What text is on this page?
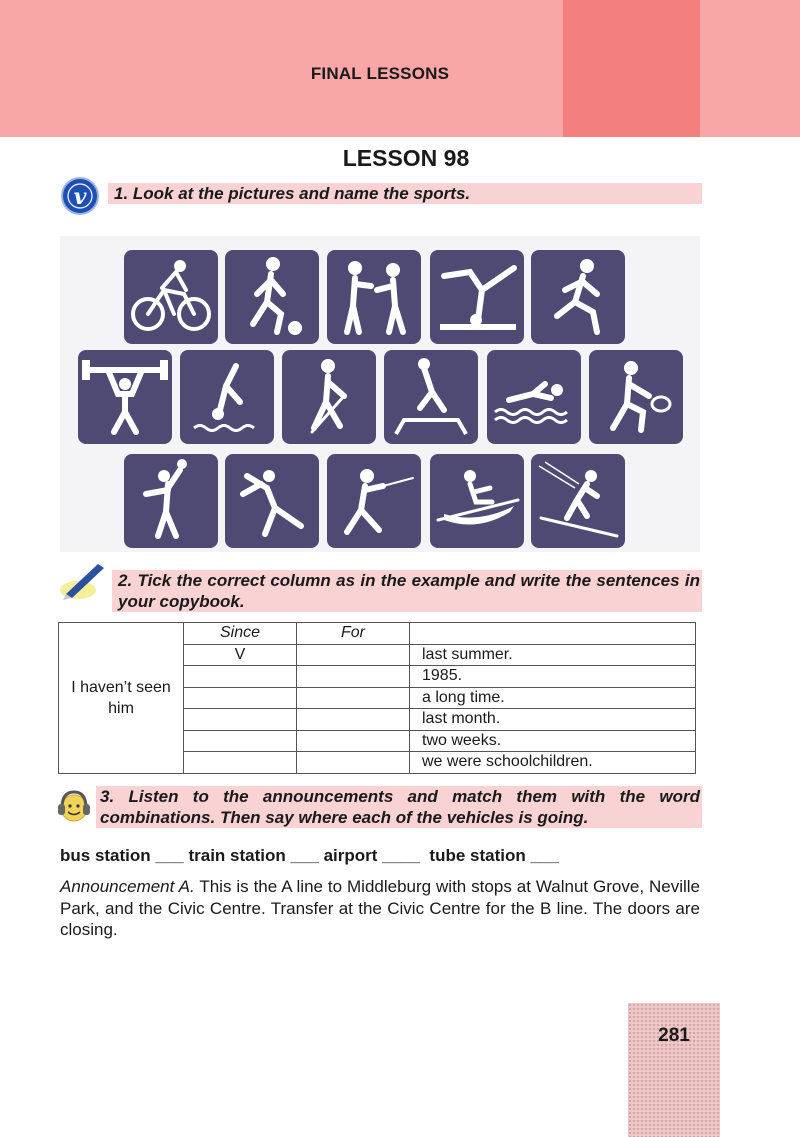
FINAL LESSONS
LESSON 98
v 1. Look at the pictures and name the sports.
2. Tick the correct column as in the example and write the sentences in your copybook.
I haven’t seen him	Since	For	
	V		last summer.
			1985.
			a long time.
			last month.
			two weeks.
			we were schoolchildren.
3. Listen to the announcements and match them with the word combinations. Then say where each of the vehicles is going.
bus station ___ train station ___ airport ____  tube station ___
Announcement A. This is the A line to Middleburg with stops at Walnut Grove, Neville Park, and the Civic Centre. Transfer at the Civic Centre for the B line. The doors are closing.
281
